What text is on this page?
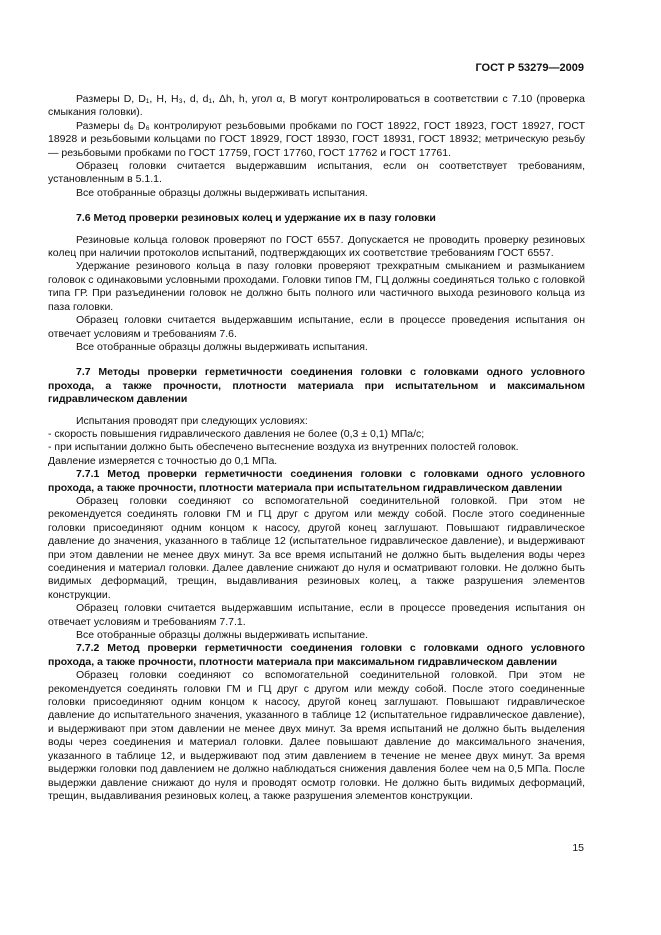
ГОСТ Р 53279—2009

Размеры D, D₁, H, H₃, d, d₁, Δh, h, угол α, B могут контролироваться в соответствии с 7.10 (проверка смыкания головки).

Размеры d₆ D₆ контролируют резьбовыми пробками по ГОСТ 18922, ГОСТ 18923, ГОСТ 18927, ГОСТ 18928 и резьбовыми кольцами по ГОСТ 18929, ГОСТ 18930, ГОСТ 18931, ГОСТ 18932; метрическую резьбу — резьбовыми пробками по ГОСТ 17759, ГОСТ 17760, ГОСТ 17762 и ГОСТ 17761.

Образец головки считается выдержавшим испытания, если он соответствует требованиям, установленным в 5.1.1.

Все отобранные образцы должны выдерживать испытания.

7.6 Метод проверки резиновых колец и удержание их в пазу головки

Резиновые кольца головок проверяют по ГОСТ 6557. Допускается не проводить проверку резиновых колец при наличии протоколов испытаний, подтверждающих их соответствие требованиям ГОСТ 6557.

Удержание резинового кольца в пазу головки проверяют трехкратным смыканием и размыканием головок с одинаковыми условными проходами. Головки типов ГМ, ГЦ должны соединяться только с головкой типа ГР. При разъединении головок не должно быть полного или частичного выхода резинового кольца из паза головки.

Образец головки считается выдержавшим испытание, если в процессе проведения испытания он отвечает условиям и требованиям 7.6.

Все отобранные образцы должны выдерживать испытания.

7.7 Методы проверки герметичности соединения головки с головками одного условного прохода, а также прочности, плотности материала при испытательном и максимальном гидравлическом давлении

Испытания проводят при следующих условиях:

- скорость повышения гидравлического давления не более (0,3 ± 0,1) МПа/с;

- при испытании должно быть обеспечено вытеснение воздуха из внутренних полостей головок.

Давление измеряется с точностью до 0,1 МПа.

7.7.1 Метод проверки герметичности соединения головки с головками одного условного прохода, а также прочности, плотности материала при испытательном гидравлическом давлении

Образец головки соединяют со вспомогательной соединительной головкой. При этом не рекомендуется соединять головки ГМ и ГЦ друг с другом или между собой. После этого соединенные головки присоединяют одним концом к насосу, другой конец заглушают. Повышают гидравлическое давление до значения, указанного в таблице 12 (испытательное гидравлическое давление), и выдерживают при этом давлении не менее двух минут. За все время испытаний не должно быть выделения воды через соединения и материал головки. Далее давление снижают до нуля и осматривают головки. Не должно быть видимых деформаций, трещин, выдавливания резиновых колец, а также разрушения элементов конструкции.

Образец головки считается выдержавшим испытание, если в процессе проведения испытания он отвечает условиям и требованиям 7.7.1.

Все отобранные образцы должны выдерживать испытание.

7.7.2 Метод проверки герметичности соединения головки с головками одного условного прохода, а также прочности, плотности материала при максимальном гидравлическом давлении

Образец головки соединяют со вспомогательной соединительной головкой. При этом не рекомендуется соединять головки ГМ и ГЦ друг с другом или между собой. После этого соединенные головки присоединяют одним концом к насосу, другой конец заглушают. Повышают гидравлическое давление до испытательного значения, указанного в таблице 12 (испытательное гидравлическое давление), и выдерживают при этом давлении не менее двух минут. За время испытаний не должно быть выделения воды через соединения и материал головки. Далее повышают давление до максимального значения, указанного в таблице 12, и выдерживают под этим давлением в течение не менее двух минут. За время выдержки головки под давлением не должно наблюдаться снижения давления более чем на 0,5 МПа. После выдержки давление снижают до нуля и проводят осмотр головки. Не должно быть видимых деформаций, трещин, выдавливания резиновых колец, а также разрушения элементов конструкции.

15
